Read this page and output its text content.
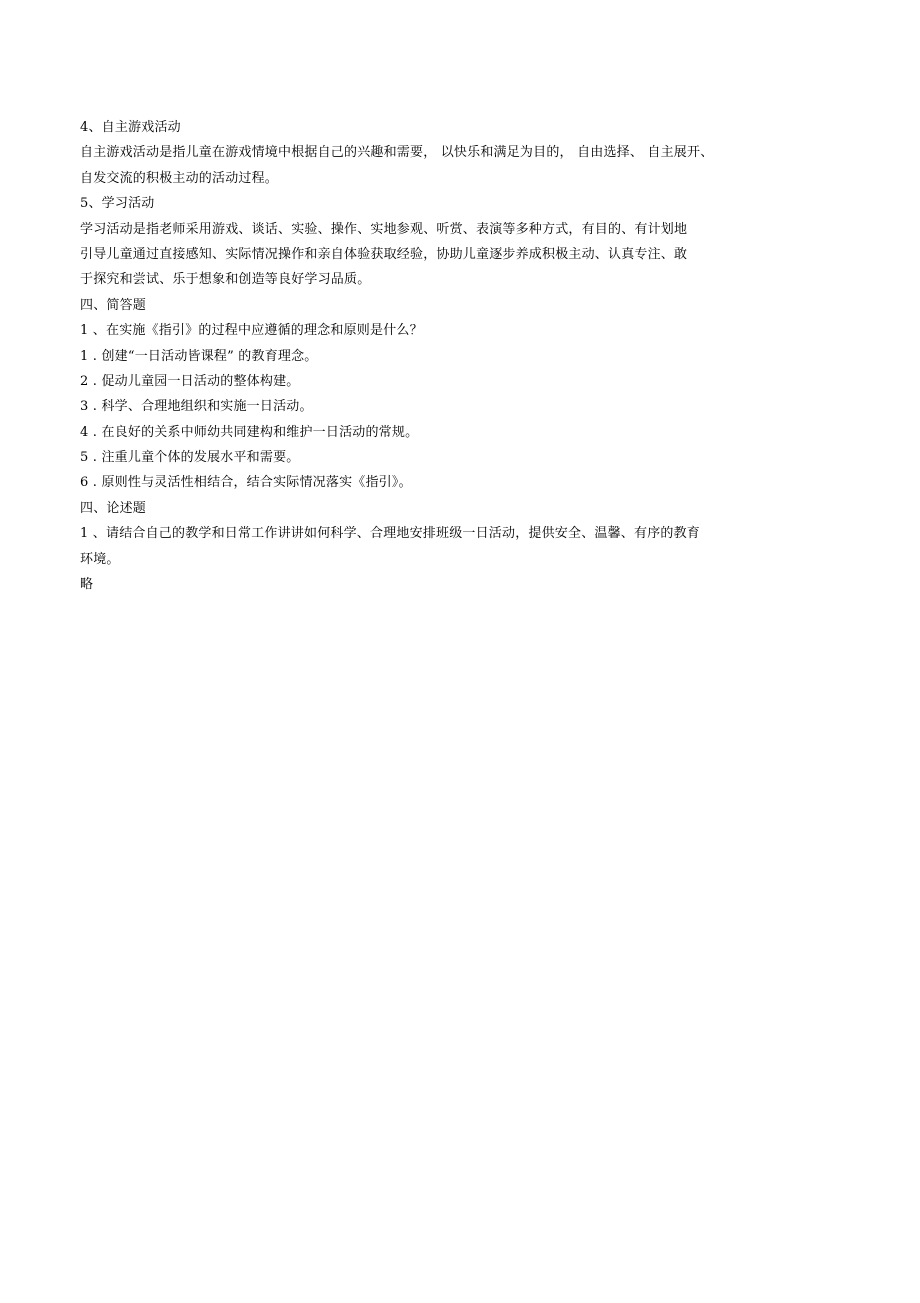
4、自主游戏活动
自主游戏活动是指儿童在游戏情境中根据自己的兴趣和需要， 以快乐和满足为目的， 自由选择、 自主展开、
自发交流的积极主动的活动过程。
5、学习活动
学习活动是指老师采用游戏、谈话、实验、操作、实地参观、听赏、表演等多种方式，有目的、有计划地
引导儿童通过直接感知、实际情况操作和亲自体验获取经验，协助儿童逐步养成积极主动、认真专注、敢
于探究和尝试、乐于想象和创造等良好学习品质。
四、简答题
1 、在实施《指引》的过程中应遵循的理念和原则是什么？
1 . 创建“一日活动皆课程” 的教育理念。
2 . 促动儿童园一日活动的整体构建。
3 . 科学、合理地组织和实施一日活动。
4 . 在良好的关系中师幼共同建构和维护一日活动的常规。
5 . 注重儿童个体的发展水平和需要。
6 . 原则性与灵活性相结合，结合实际情况落实《指引》。
四、论述题
1 、请结合自己的教学和日常工作讲讲如何科学、合理地安排班级一日活动，提供安全、温馨、有序的教育
环境。
略
